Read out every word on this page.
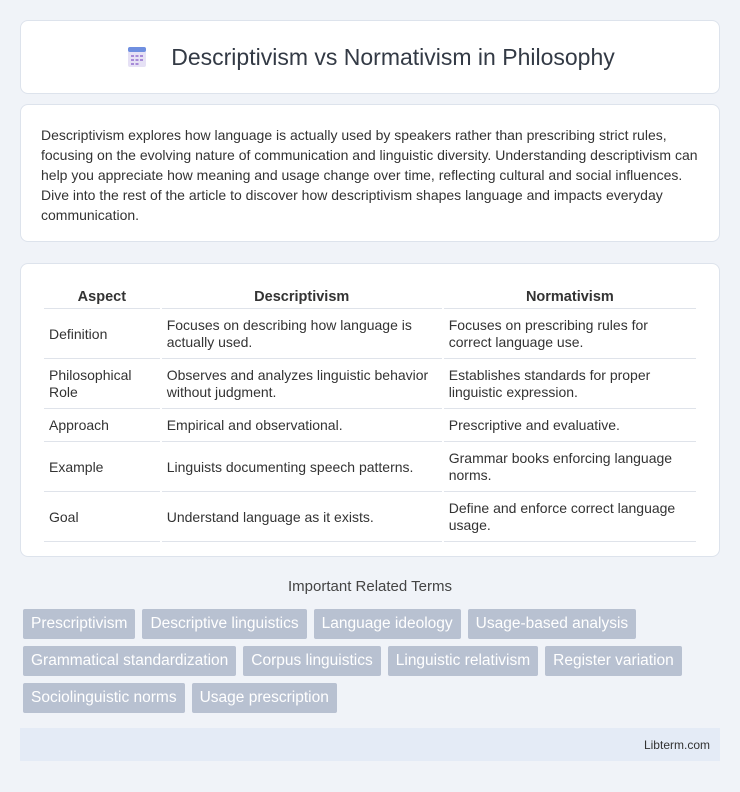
Descriptivism vs Normativism in Philosophy

Descriptivism explores how language is actually used by speakers rather than prescribing strict rules, focusing on the evolving nature of communication and linguistic diversity. Understanding descriptivism can help you appreciate how meaning and usage change over time, reflecting cultural and social influences. Dive into the rest of the article to discover how descriptivism shapes language and impacts everyday communication.

Aspect	Descriptivism	Normativism
Definition	Focuses on describing how language is actually used.	Focuses on prescribing rules for correct language use.
Philosophical Role	Observes and analyzes linguistic behavior without judgment.	Establishes standards for proper linguistic expression.
Approach	Empirical and observational.	Prescriptive and evaluative.
Example	Linguists documenting speech patterns.	Grammar books enforcing language norms.
Goal	Understand language as it exists.	Define and enforce correct language usage.
Important Related Terms
Prescriptivism	Descriptive linguistics	Language ideology	Usage-based analysis
Grammatical standardization	Corpus linguistics	Linguistic relativism	Register variation
Sociolinguistic norms	Usage prescription
Libterm.com
